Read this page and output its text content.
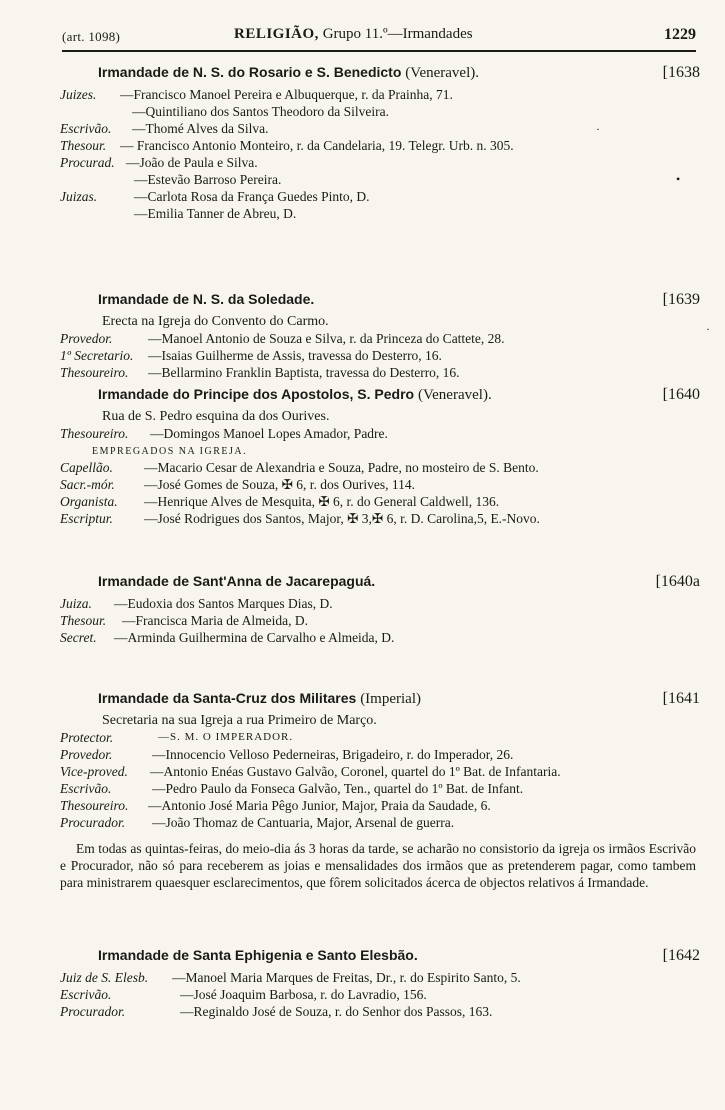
(art. 1098)	RELIGIÃO, Grupo 11.º—Irmandades	1229
Irmandade de N. S. do Rosario e S. Benedicto (Veneravel).	[1638
Juizes. —Francisco Manoel Pereira e Albuquerque, r. da Prainha, 71.
—Quintiliano dos Santos Theodoro da Silveira.
Escrivão. —Thomé Alves da Silva.
Thesour. — Francisco Antonio Monteiro, r. da Candelaria, 19. Telegr. Urb. n. 305.
Procurad. —João de Paula e Silva.
—Estevão Barroso Pereira.
Juizas.	—Carlota Rosa da França Guedes Pinto, D.
—Emilia Tanner de Abreu, D.
Irmandade de N. S. da Soledade.	[1639
Erecta na Igreja do Convento do Carmo.
Provedor.	—Manoel Antonio de Souza e Silva, r. da Princeza do Cattete, 28.
1º Secretario. —Isaias Guilherme de Assis, travessa do Desterro, 16.
Thesoureiro. —Bellarmino Franklin Baptista, travessa do Desterro, 16.
Irmandade do Principe dos Apostolos, S. Pedro (Veneravel).	[1640
Rua de S. Pedro esquina da dos Ourives.
Thesoureiro. —Domingos Manoel Lopes Amador, Padre.
EMPREGADOS NA IGREJA.
Capellão. —Macario Cesar de Alexandria e Souza, Padre, no mosteiro de S. Bento.
Sacr.-mór. —José Gomes de Souza, ✠ 6, r. dos Ourives, 114.
Organista. —Henrique Alves de Mesquita, ✠ 6, r. do General Caldwell, 136.
Escriptur. —José Rodrigues dos Santos, Major, ✠ 3,✠ 6, r. D. Carolina,5, E.-Novo.
Irmandade de Sant'Anna de Jacarepaguá.	[1640a
Juiza. —Eudoxia dos Santos Marques Dias, D.
Thesour. —Francisca Maria de Almeida, D.
Secret. —Arminda Guilhermina de Carvalho e Almeida, D.
Irmandade da Santa-Cruz dos Militares (Imperial)	[1641
Secretaria na sua Igreja a rua Primeiro de Março.
Protector.	—S. M. O IMPERADOR.
Provedor.	—Innocencio Velloso Pederneiras, Brigadeiro, r. do Imperador, 26.
Vice-proved. —Antonio Enéas Gustavo Galvão, Coronel, quartel do 1º Bat. de Infantaria.
Escrivão.	—Pedro Paulo da Fonseca Galvão, Ten., quartel do 1º Bat. de Infant.
Thesoureiro. —Antonio José Maria Pêgo Junior, Major, Praia da Saudade, 6.
Procurador. —João Thomaz de Cantuaria, Major, Arsenal de guerra.

Em todas as quintas-feiras, do meio-dia ás 3 horas da tarde, se acharão no consistorio da igreja os irmãos Escrivão e Procurador, não só para receberem as joias e mensalidades dos irmãos que as pretenderem pagar, como tambem para ministrarem quaesquer esclarecimentos, que fôrem solicitados ácerca de objectos relativos á Irmandade.

Irmandade de Santa Ephigenia e Santo Elesbão.	[1642
Juiz de S. Elesb. —Manoel Maria Marques de Freitas, Dr., r. do Espirito Santo, 5.
Escrivão.	—José Joaquim Barbosa, r. do Lavradio, 156.
Procurador.	—Reginaldo José de Souza, r. do Senhor dos Passos, 163.
·
•
·
